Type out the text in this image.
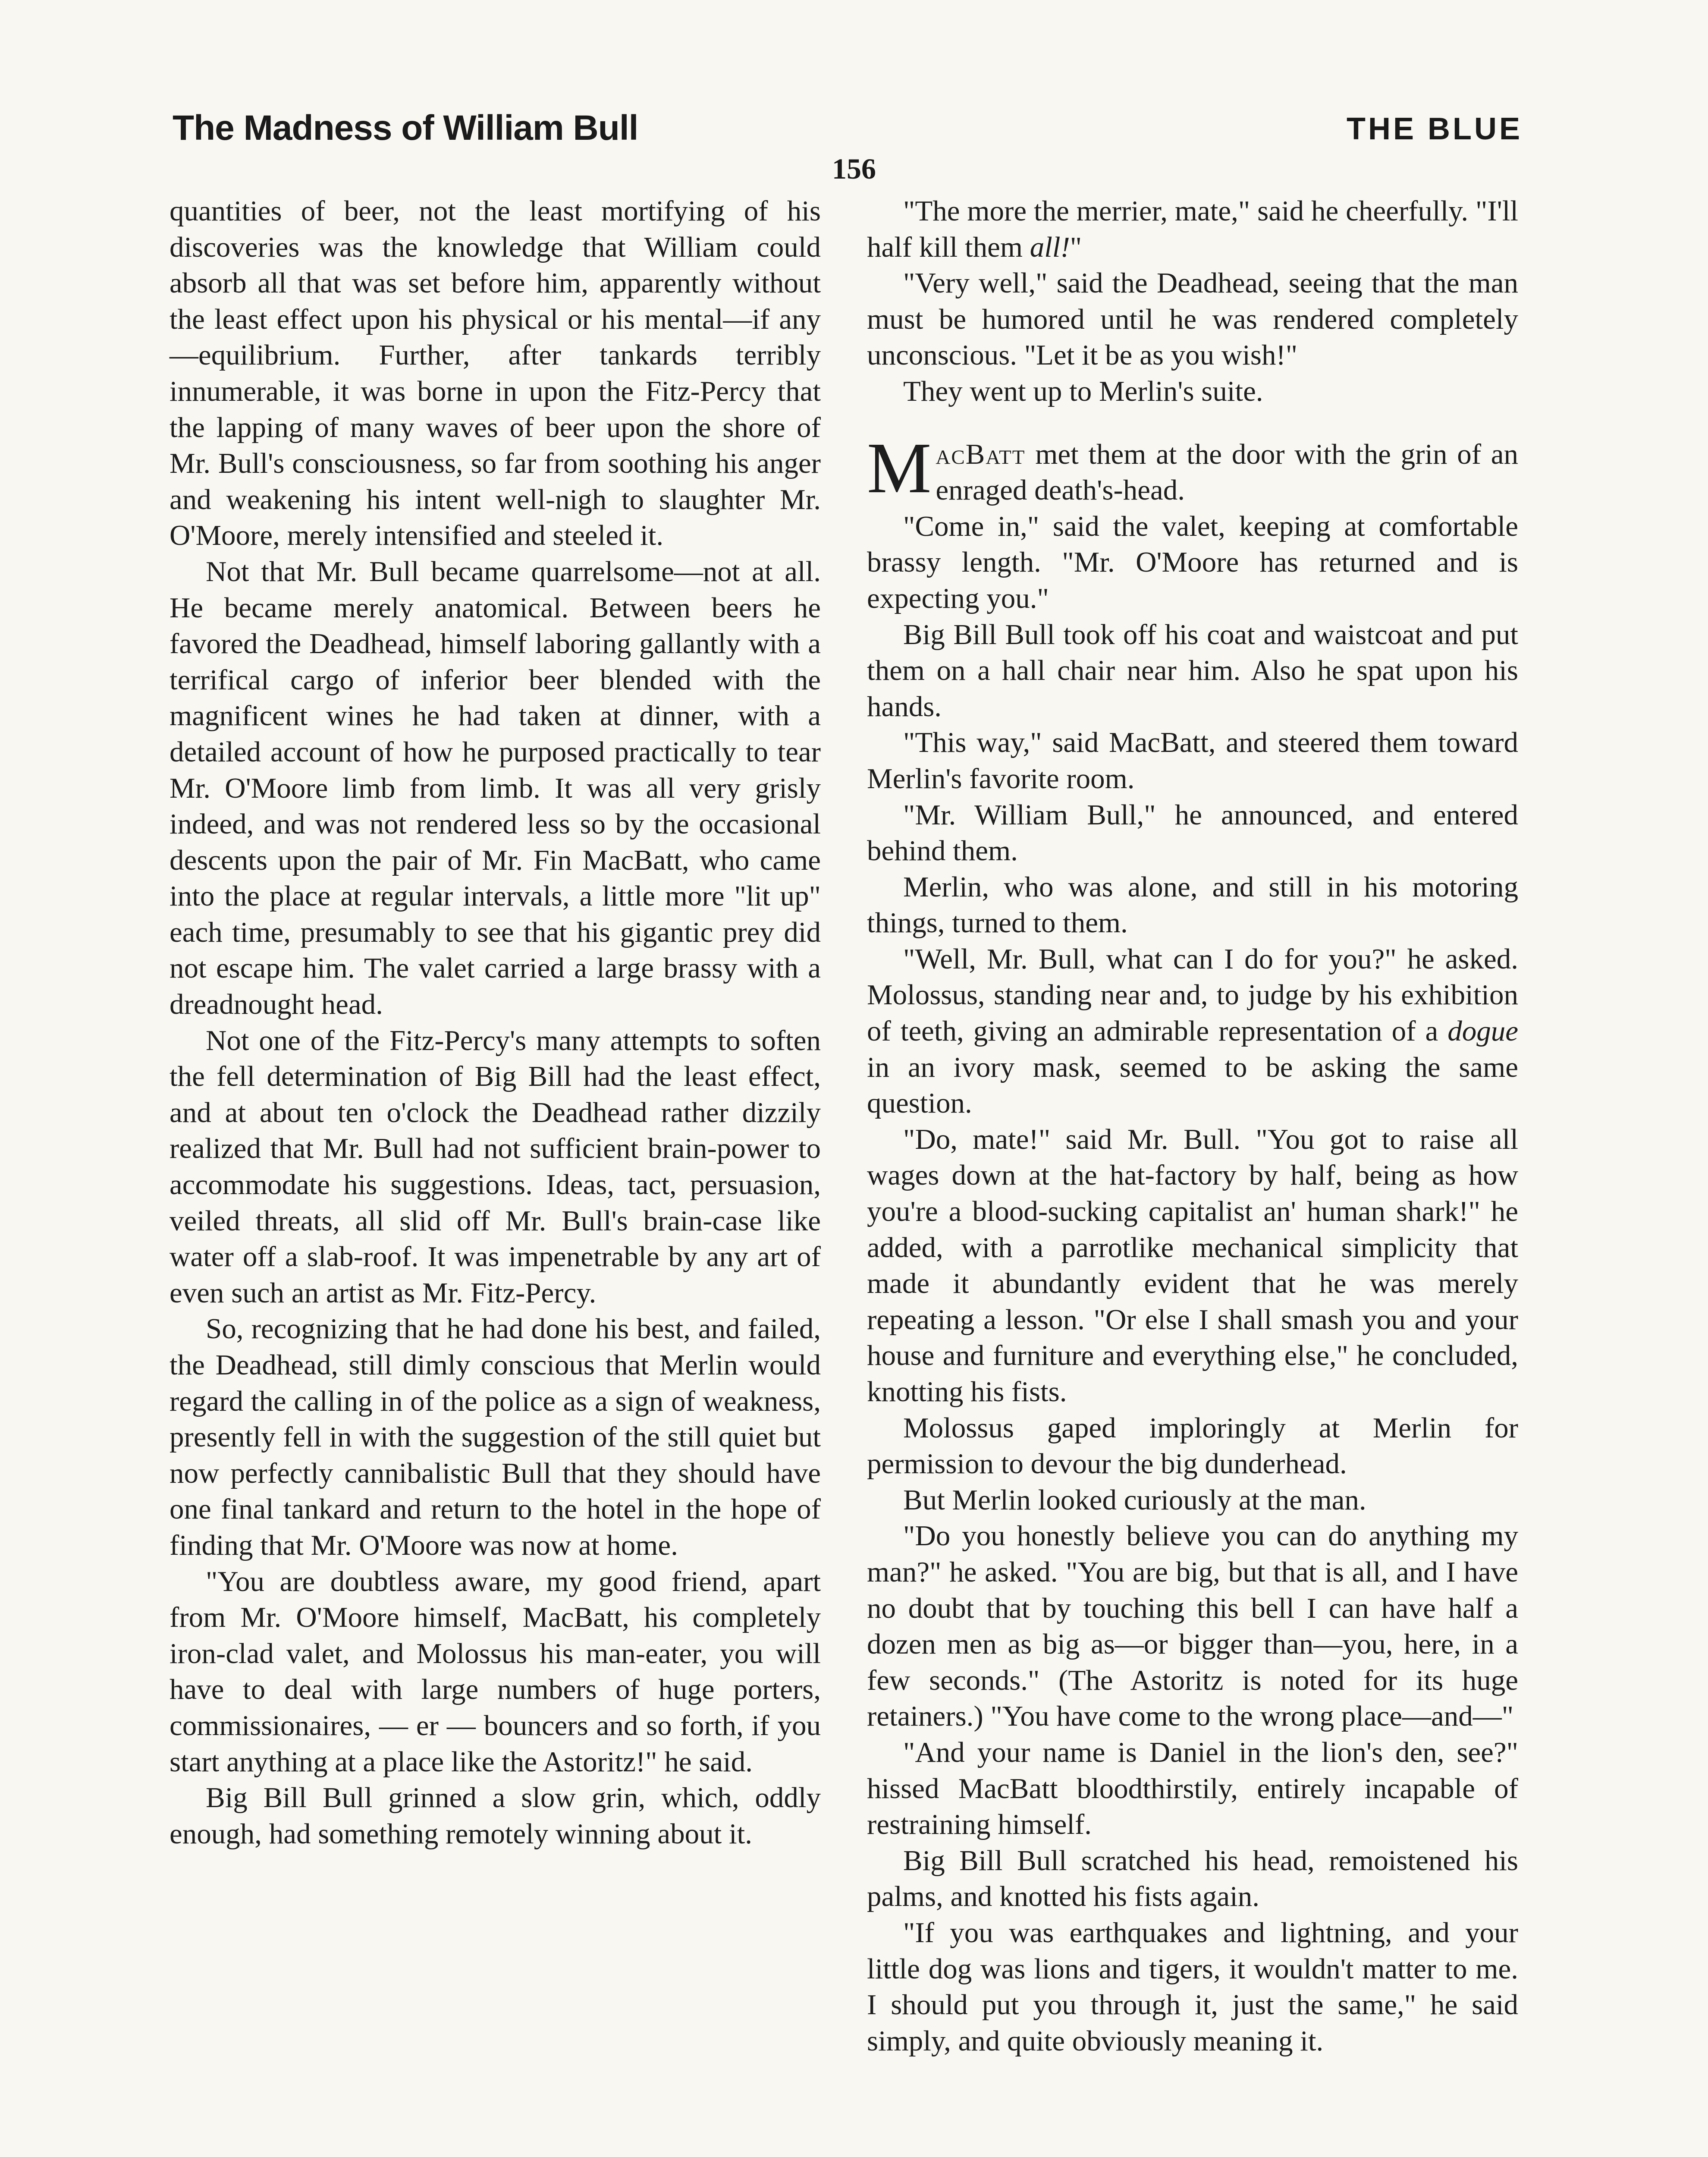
The Madness of William Bull	THE BLUE
156

quantities of beer, not the least mortifying of his discoveries was the knowledge that William could absorb all that was set before him, apparently without the least effect upon his physical or his mental—if any—equilibrium. Further, after tankards terribly innumerable, it was borne in upon the Fitz-Percy that the lapping of many waves of beer upon the shore of Mr. Bull's consciousness, so far from soothing his anger and weakening his intent well-nigh to slaughter Mr. O'Moore, merely intensified and steeled it.

Not that Mr. Bull became quarrelsome—not at all. He became merely anatomical. Between beers he favored the Deadhead, himself laboring gallantly with a terrifical cargo of inferior beer blended with the magnificent wines he had taken at dinner, with a detailed account of how he purposed practically to tear Mr. O'Moore limb from limb. It was all very grisly indeed, and was not rendered less so by the occasional descents upon the pair of Mr. Fin MacBatt, who came into the place at regular intervals, a little more "lit up" each time, presumably to see that his gigantic prey did not escape him. The valet carried a large brassy with a dreadnought head.

Not one of the Fitz-Percy's many attempts to soften the fell determination of Big Bill had the least effect, and at about ten o'clock the Deadhead rather dizzily realized that Mr. Bull had not sufficient brain-power to accommodate his suggestions. Ideas, tact, persuasion, veiled threats, all slid off Mr. Bull's brain-case like water off a slab-roof. It was impenetrable by any art of even such an artist as Mr. Fitz-Percy.

So, recognizing that he had done his best, and failed, the Deadhead, still dimly conscious that Merlin would regard the calling in of the police as a sign of weakness, presently fell in with the suggestion of the still quiet but now perfectly cannibalistic Bull that they should have one final tankard and return to the hotel in the hope of finding that Mr. O'Moore was now at home.

"You are doubtless aware, my good friend, apart from Mr. O'Moore himself, MacBatt, his completely iron-clad valet, and Molossus his man-eater, you will have to deal with large numbers of huge porters, commissionaires, — er — bouncers and so forth, if you start anything at a place like the Astoritz!" he said.

Big Bill Bull grinned a slow grin, which, oddly enough, had something remotely winning about it.

"The more the merrier, mate," said he cheerfully. "I'll half kill them all!"

"Very well," said the Deadhead, seeing that the man must be humored until he was rendered completely unconscious. "Let it be as you wish!"

They went up to Merlin's suite.

MacBatt met them at the door with the grin of an enraged death's-head.

"Come in," said the valet, keeping at comfortable brassy length. "Mr. O'Moore has returned and is expecting you."

Big Bill Bull took off his coat and waistcoat and put them on a hall chair near him. Also he spat upon his hands.

"This way," said MacBatt, and steered them toward Merlin's favorite room.

"Mr. William Bull," he announced, and entered behind them.

Merlin, who was alone, and still in his motoring things, turned to them.

"Well, Mr. Bull, what can I do for you?" he asked. Molossus, standing near and, to judge by his exhibition of teeth, giving an admirable representation of a dogue in an ivory mask, seemed to be asking the same question.

"Do, mate!" said Mr. Bull. "You got to raise all wages down at the hat-factory by half, being as how you're a blood-sucking capitalist an' human shark!" he added, with a parrotlike mechanical simplicity that made it abundantly evident that he was merely repeating a lesson. "Or else I shall smash you and your house and furniture and everything else," he concluded, knotting his fists.

Molossus gaped imploringly at Merlin for permission to devour the big dunderhead.

But Merlin looked curiously at the man.

"Do you honestly believe you can do anything my man?" he asked. "You are big, but that is all, and I have no doubt that by touching this bell I can have half a dozen men as big as—or bigger than—you, here, in a few seconds." (The Astoritz is noted for its huge retainers.) "You have come to the wrong place—and—"

"And your name is Daniel in the lion's den, see?" hissed MacBatt bloodthirstily, entirely incapable of restraining himself.

Big Bill Bull scratched his head, remoistened his palms, and knotted his fists again.

"If you was earthquakes and lightning, and your little dog was lions and tigers, it wouldn't matter to me. I should put you through it, just the same," he said simply, and quite obviously meaning it.
